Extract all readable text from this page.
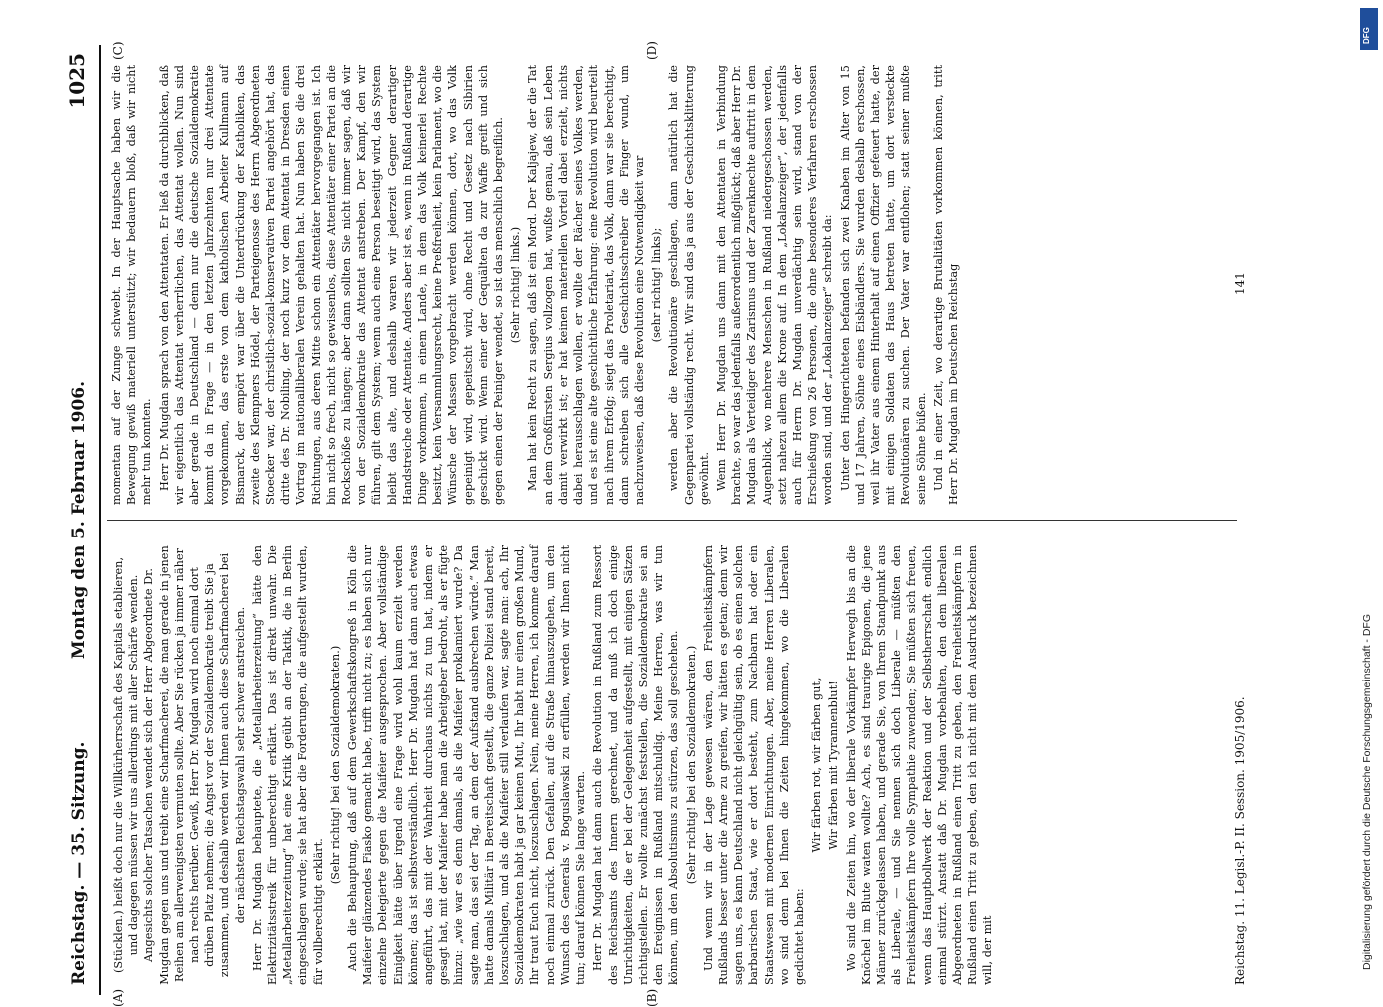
Reichstag. — 35. Sitzung.
Montag den 5. Februar 1906.
1025

(Stücklen.) heißt doch nur die Willkürherrschaft des Kapitals etablieren, und dagegen müssen wir uns allerdings mit aller Schärfe wenden. Angesichts solcher Tatsachen wendet sich der Herr Abgeordnete Dr. Mugdan gegen uns und treibt eine Scharfmacherei, die man gerade in jenen Reihen am allerwenigsten vermuten sollte. Aber Sie rücken ja immer näher nach rechts herüber. Gewiß, Herr Dr. Mugdan wird noch einmal dort drüben Platz nehmen; die Angst vor der Sozialdemokratie treibt Sie ja zusammen, und deshalb werden wir Ihnen auch diese Scharfmacherei bei der nächsten Reichstagswahl sehr schwer anstreichen. Herr Dr. Mugdan behauptete, die „Metallarbeiterzeitung“ hätte den Elektrizitätsstreik für unberechtigt erklärt. Das ist direkt unwahr. Die „Metallarbeiterzeitung“ hat eine Kritik geübt an der Taktik, die in Berlin eingeschlagen wurde; sie hat aber die Forderungen, die aufgestellt wurden, für vollberechtigt erklärt.

(Sehr richtig! bei den Sozialdemokraten.) Auch die Behauptung, daß auf dem Gewerkschaftskongreß in Köln die Maifeier glänzendes Fiasko gemacht habe, trifft nicht zu; es haben sich nur einzelne Delegierte gegen die Maifeier ausgesprochen. Aber vollständige Einigkeit hätte über irgend eine Frage wird wohl kaum erzielt werden können; das ist selbstverständlich. Herr Dr. Mugdan hat dann auch etwas angeführt, das mit der Wahrheit durchaus nichts zu tun hat, indem er gesagt hat, mit der Maifeier habe man die Arbeitgeber bedroht, als er fügte hinzu: „wie war es denn damals, als die Maifeier proklamiert wurde? Da sagte man, das sei der Tag, an dem der Aufstand ausbrechen würde.“ Man hatte damals Militär in Bereitschaft gestellt, die ganze Polizei stand bereit, loszuschlagen, und als die Maifeier still verlaufen war, sagte man: ach, Ihr Sozialdemokraten habt ja gar keinen Mut, Ihr habt nur einen großen Mund, Ihr traut Euch nicht, loszuschlagen. Nein, meine Herren, ich komme darauf noch einmal zurück. Den Gefallen, auf die Straße hinauszugehen, um den Wunsch des Generals v. Boguslawski zu erfüllen, werden wir Ihnen nicht tun; darauf können Sie lange warten. Herr Dr. Mugdan hat dann auch die Revolution in Rußland zum Ressort des Reichsamts des Innern gerechnet, und da muß ich doch einige Unrichtigkeiten, die er bei der Gelegenheit aufgestellt, mit einigen Sätzen richtigstellen. Er wollte zunächst feststellen, die Sozialdemokratie sei an den Ereignissen in Rußland mitschuldig. Meine Herren, was wir tun können, um den Absolutismus zu stürzen, das soll geschehen. (Sehr richtig! bei den Sozialdemokraten.) Und wenn wir in der Lage gewesen wären, den Freiheitskämpfern Rußlands besser unter die Arme zu greifen, wir hätten es getan; denn wir sagen uns, es kann Deutschland nicht gleichgültig sein, ob es einen solchen barbarischen Staat, wie er dort besteht, zum Nachbarn hat oder ein Staatswesen mit modernen Einrichtungen. Aber, meine Herren Liberalen, wo sind denn bei Ihnen die Zeiten hingekommen, wo die Liberalen gedichtet haben:

Wir färben rot, wir färben gut, Wir färben mit Tyrannenblut! Wo sind die Zeiten hin, wo der liberale Vorkämpfer Herwegh bis an die Knöchel im Blute waten wollte? Ach, es sind traurige Epigonen, die jene Männer zurückgelassen haben, und gerade Sie, von Ihrem Standpunkt aus als Liberale, — und Sie nennen sich doch Liberale — müßten den Freiheitskämpfern Ihre volle Sympathie zuwenden; Sie müßten sich freuen, wenn das Hauptbollwerk der Reaktion und der Selbstherrschaft endlich einmal stürzt. Anstatt daß Dr. Mugdan vorbehalten, den dem liberalen Abgeordneten in Rußland einen Tritt zu geben, den Freiheitskämpfern in Rußland einen Tritt zu geben, den ich nicht mit dem Ausdruck bezeichnen will, der mit

momentan auf der Zunge schwebt. In der Hauptsache haben wir die Bewegung gewiß materiell unterstützt; wir bedauern bloß, daß wir nicht mehr tun konnten. Herr Dr. Mugdan sprach von den Attentaten. Er ließ da durchblicken, daß wir eigentlich das Attentat verherrlichen, das Attentat wollen. Nun sind aber gerade in Deutschland — denn nur die deutsche Sozialdemokratie kommt da in Frage — in den letzten Jahrzehnten nur drei Attentate vorgekommen, das erste von dem katholischen Arbeiter Kullmann auf Bismarck, der empört war über die Unterdrückung der Katholiken, das zweite des Klempners Hödel, der Parteigenosse des Herrn Abgeordneten Stoecker war, der christlich-sozial-konservativen Partei angehört hat, das dritte des Dr. Nobiling, der noch kurz vor dem Attentat in Dresden einen Vortrag im nationalliberalen Verein gehalten hat. Nun haben Sie die drei Richtungen, aus deren Mitte schon ein Attentäter hervorgegangen ist. Ich bin nicht so frech, nicht so gewissenlos, diese Attentäter einer Partei an die Rockschöße zu hängen; aber dann sollten Sie nicht immer sagen, daß wir von der Sozialdemokratie das Attentat anstreben. Der Kampf, den wir führen, gilt dem System; wenn auch eine Person beseitigt wird, das System bleibt das alte, und deshalb waren wir jederzeit Gegner derartiger Handstreiche oder Attentate. Anders aber ist es, wenn in Rußland derartige Dinge vorkommen, in einem Lande, in dem das Volk keinerlei Rechte besitzt, kein Versammlungsrecht, keine Preßfreiheit, kein Parlament, wo die Wünsche der Massen vorgebracht werden können, dort, wo das Volk gepeinigt wird, gepeitscht wird, ohne Recht und Gesetz nach Sibirien geschickt wird. Wenn einer der Gequälten da zur Waffe greift und sich gegen einen der Peiniger wendet, so ist das menschlich begreiflich. (Sehr richtig! links.) Man hat kein Recht zu sagen, daß ist ein Mord. Der Kaljajew, der die Tat an dem Großfürsten Sergius vollzogen hat, wußte genau, daß sein Leben damit verwirkt ist; er hat keinen materiellen Vorteil dabei erzielt, nichts dabei herausschlagen wollen, er wollte der Rächer seines Volkes werden, und es ist eine alte geschichtliche Erfahrung: eine Revolution wird beurteilt nach ihrem Erfolg; siegt das Proletariat, das Volk, dann war sie berechtigt, dann schreiben sich alle Geschichtsschreiber die Finger wund, um nachzuweisen, daß diese Revolution eine Notwendigkeit war (sehr richtig! links); werden aber die Revolutionäre geschlagen, dann natürlich hat die Gegenpartei vollständig recht. Wir sind das ja aus der Geschichtsklitterung gewöhnt. Wenn Herr Dr. Mugdan uns dann mit den Attentaten in Verbindung brachte, so war das jedenfalls außerordentlich mißglückt; daß aber Herr Dr. Mugdan als Verteidiger des Zarismus und der Zarenknechte auftritt in dem Augenblick, wo mehrere Menschen in Rußland niedergeschossen werden, setzt nahezu allem die Krone auf. In dem „Lokalanzeiger“, der jedenfalls auch für Herrn Dr. Mugdan unverdächtig sein wird, stand von der Erschießung von 26 Personen, die ohne besonderes Verfahren erschossen worden sind, und der „Lokalanzeiger“ schreibt da: Unter den Hingerichteten befanden sich zwei Knaben im Alter von 15 und 17 Jahren, Söhne eines Eisbändlers. Sie wurden deshalb erschossen, weil ihr Vater aus einem Hinterhalt auf einen Offizier gefeuert hatte, der mit einigen Soldaten das Haus betreten hatte, um dort versteckte Revolutionären zu suchen. Der Vater war entflohen; statt seiner mußte seine Söhne büßen. Und in einer Zeit, wo derartige Brutalitäten vorkommen können, tritt Herr Dr. Mugdan im Deutschen Reichstag

(A)	(B)
(C)	(D)
Reichstag. 11. Legisl.-P. II. Session. 1905/1906.
141
Digitalisierung gefördert durch die Deutsche Forschungsgemeinschaft - DFG
DFG
